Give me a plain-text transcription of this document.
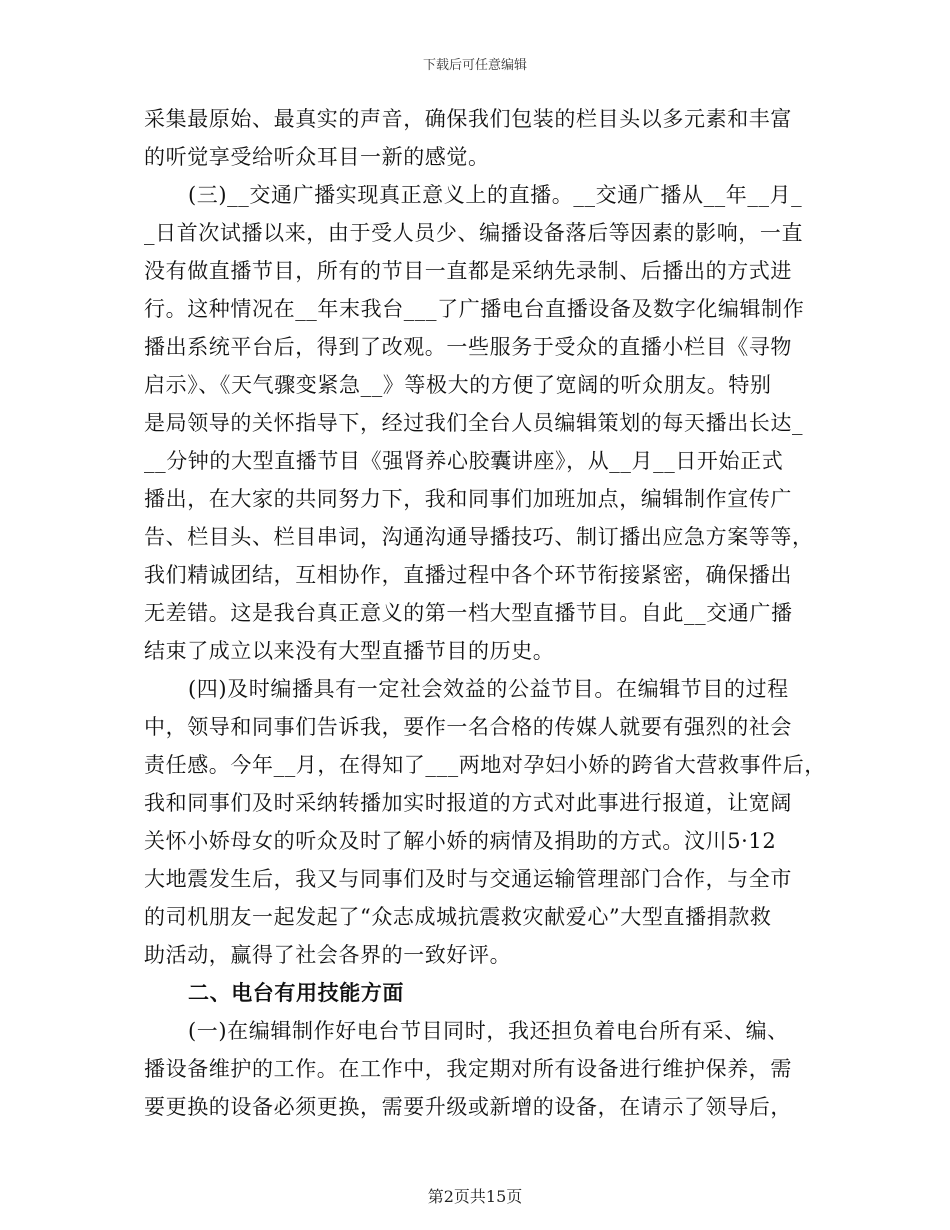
下载后可任意编辑
采集最原始、最真实的声音，确保我们包装的栏目头以多元素和丰富
的听觉享受给听众耳目一新的感觉。
(三)__交通广播实现真正意义上的直播。__交通广播从__年__月_
_日首次试播以来，由于受人员少、编播设备落后等因素的影响，一直
没有做直播节目，所有的节目一直都是采纳先录制、后播出的方式进
行。这种情况在__年末我台___了广播电台直播设备及数字化编辑制作
播出系统平台后，得到了改观。一些服务于受众的直播小栏目《寻物
启示》、《天气骤变紧急__》等极大的方便了宽阔的听众朋友。特别
是局领导的关怀指导下，经过我们全台人员编辑策划的每天播出长达_
__分钟的大型直播节目《强肾养心胶囊讲座》，从__月__日开始正式
播出，在大家的共同努力下，我和同事们加班加点，编辑制作宣传广
告、栏目头、栏目串词，沟通沟通导播技巧、制订播出应急方案等等，
我们精诚团结，互相协作，直播过程中各个环节衔接紧密，确保播出
无差错。这是我台真正意义的第一档大型直播节目。自此__交通广播
结束了成立以来没有大型直播节目的历史。
(四)及时编播具有一定社会效益的公益节目。在编辑节目的过程
中，领导和同事们告诉我，要作一名合格的传媒人就要有强烈的社会
责任感。今年__月，在得知了___两地对孕妇小娇的跨省大营救事件后，
我和同事们及时采纳转播加实时报道的方式对此事进行报道，让宽阔
关怀小娇母女的听众及时了解小娇的病情及捐助的方式。汶川5·12
大地震发生后，我又与同事们及时与交通运输管理部门合作，与全市
的司机朋友一起发起了“众志成城抗震救灾献爱心”大型直播捐款救
助活动，赢得了社会各界的一致好评。
二、电台有用技能方面
(一)在编辑制作好电台节目同时，我还担负着电台所有采、编、
播设备维护的工作。在工作中，我定期对所有设备进行维护保养，需
要更换的设备必须更换，需要升级或新增的设备，在请示了领导后，
第2页共15页
